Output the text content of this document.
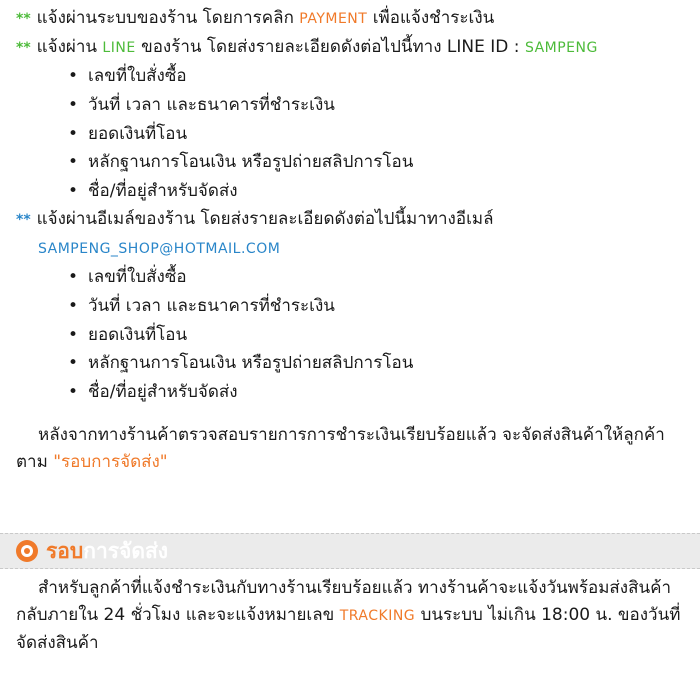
** แจ้งผ่านระบบของร้าน โดยการคลิก PAYMENT เพื่อแจ้งชำระเงิน
** แจ้งผ่าน LINE ของร้าน โดยส่งรายละเอียดดังต่อไปนี้ทาง LINE ID : SAMPENG
• เลขที่ใบสั่งซื้อ
• วันที่ เวลา และธนาคารที่ชำระเงิน
• ยอดเงินที่โอน
• หลักฐานการโอนเงิน หรือรูปถ่ายสลิปการโอน
• ชื่อ/ที่อยู่สำหรับจัดส่ง
** แจ้งผ่านอีเมล์ของร้าน โดยส่งรายละเอียดดังต่อไปนี้มาทางอีเมล์
SAMPENG_SHOP@HOTMAIL.COM
• เลขที่ใบสั่งซื้อ
• วันที่ เวลา และธนาคารที่ชำระเงิน
• ยอดเงินที่โอน
• หลักฐานการโอนเงิน หรือรูปถ่ายสลิปการโอน
• ชื่อ/ที่อยู่สำหรับจัดส่ง
หลังจากทางร้านค้าตรวจสอบรายการการชำระเงินเรียบร้อยแล้ว จะจัดส่งสินค้าให้ลูกค้าตาม "รอบการจัดส่ง"
รอบการจัดส่ง
สำหรับลูกค้าที่แจ้งชำระเงินกับทางร้านเรียบร้อยแล้ว ทางร้านค้าจะแจ้งวันพร้อมส่งสินค้ากลับภายใน 24 ชั่วโมง และจะแจ้งหมายเลข TRACKING บนระบบ ไม่เกิน 18:00 น. ของวันที่จัดส่งสินค้า
